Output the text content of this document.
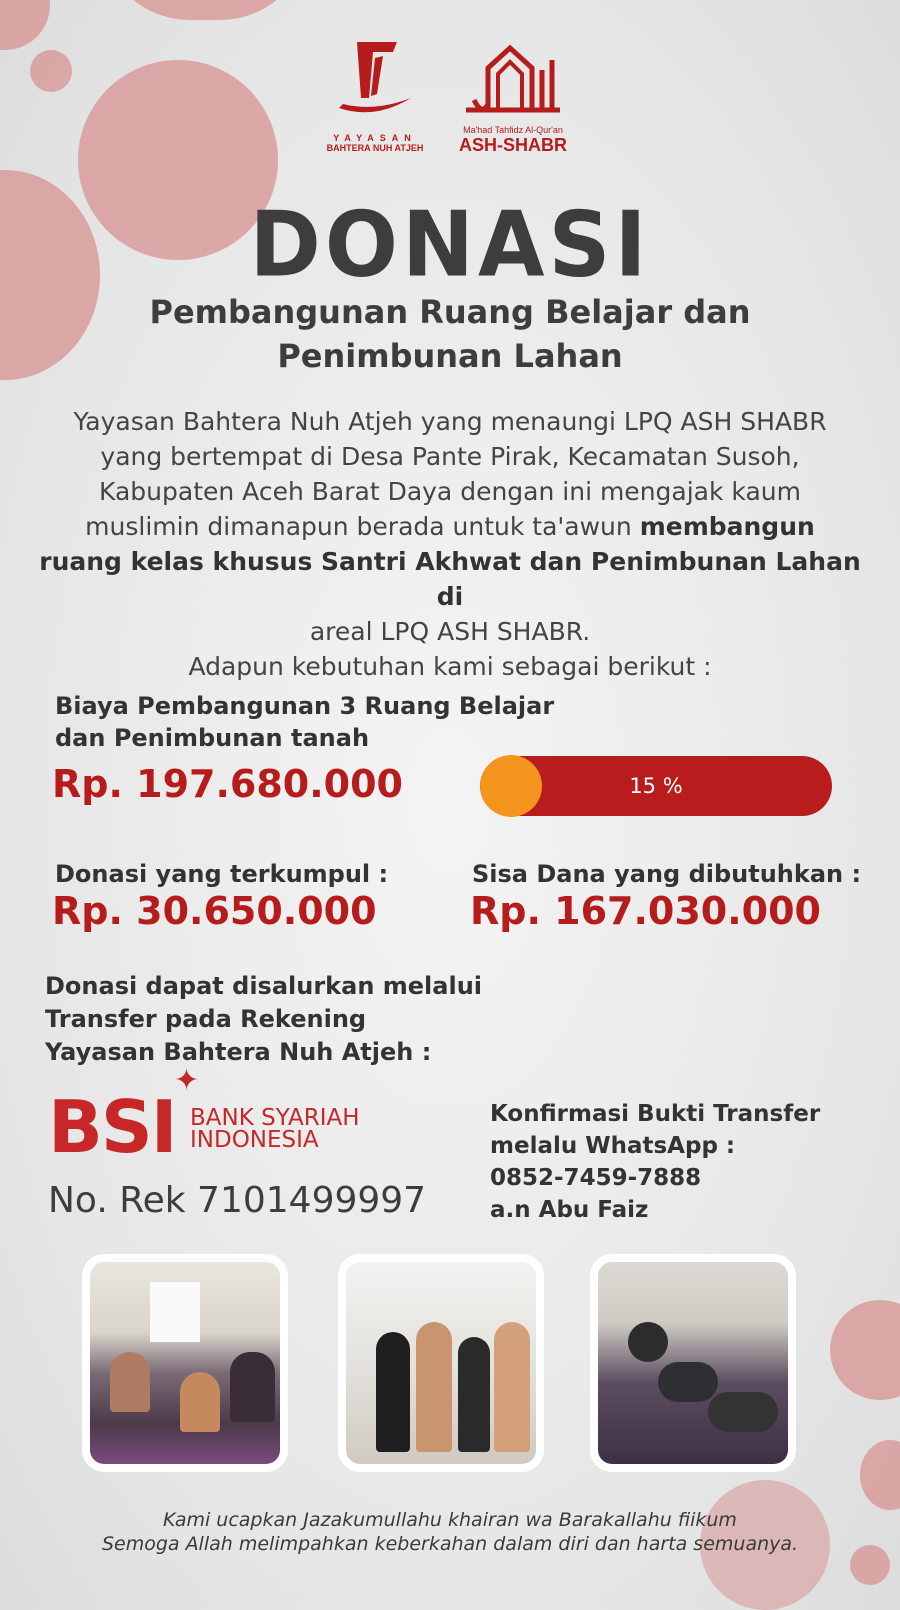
YAYASAN
BAHTERA NUH ATJEH
Ma'had Tahfidz Al-Qur'an
ASH-SHABR
DONASI
Pembangunan Ruang Belajar dan
Penimbunan Lahan
Yayasan Bahtera Nuh Atjeh yang menaungi LPQ ASH SHABR
yang bertempat di Desa Pante Pirak, Kecamatan Susoh,
Kabupaten Aceh Barat Daya dengan ini mengajak kaum
muslimin dimanapun berada untuk ta'awun membangun
ruang kelas khusus Santri Akhwat dan Penimbunan Lahan di
areal LPQ ASH SHABR.
Adapun kebutuhan kami sebagai berikut :
Biaya Pembangunan 3 Ruang Belajar
dan Penimbunan tanah
Rp. 197.680.000	15 %
Donasi yang terkumpul :
Rp. 30.650.000
Sisa Dana yang dibutuhkan :
Rp. 167.030.000
Donasi dapat disalurkan melalui
Transfer pada Rekening
Yayasan Bahtera Nuh Atjeh :
BSI
✦
BANK SYARIAH
INDONESIA
No. Rek 7101499997
Konfirmasi Bukti Transfer
melalu WhatsApp :
0852-7459-7888
a.n Abu Faiz
Kami ucapkan Jazakumullahu khairan wa Barakallahu fiikum
Semoga Allah melimpahkan keberkahan dalam diri dan harta semuanya.
